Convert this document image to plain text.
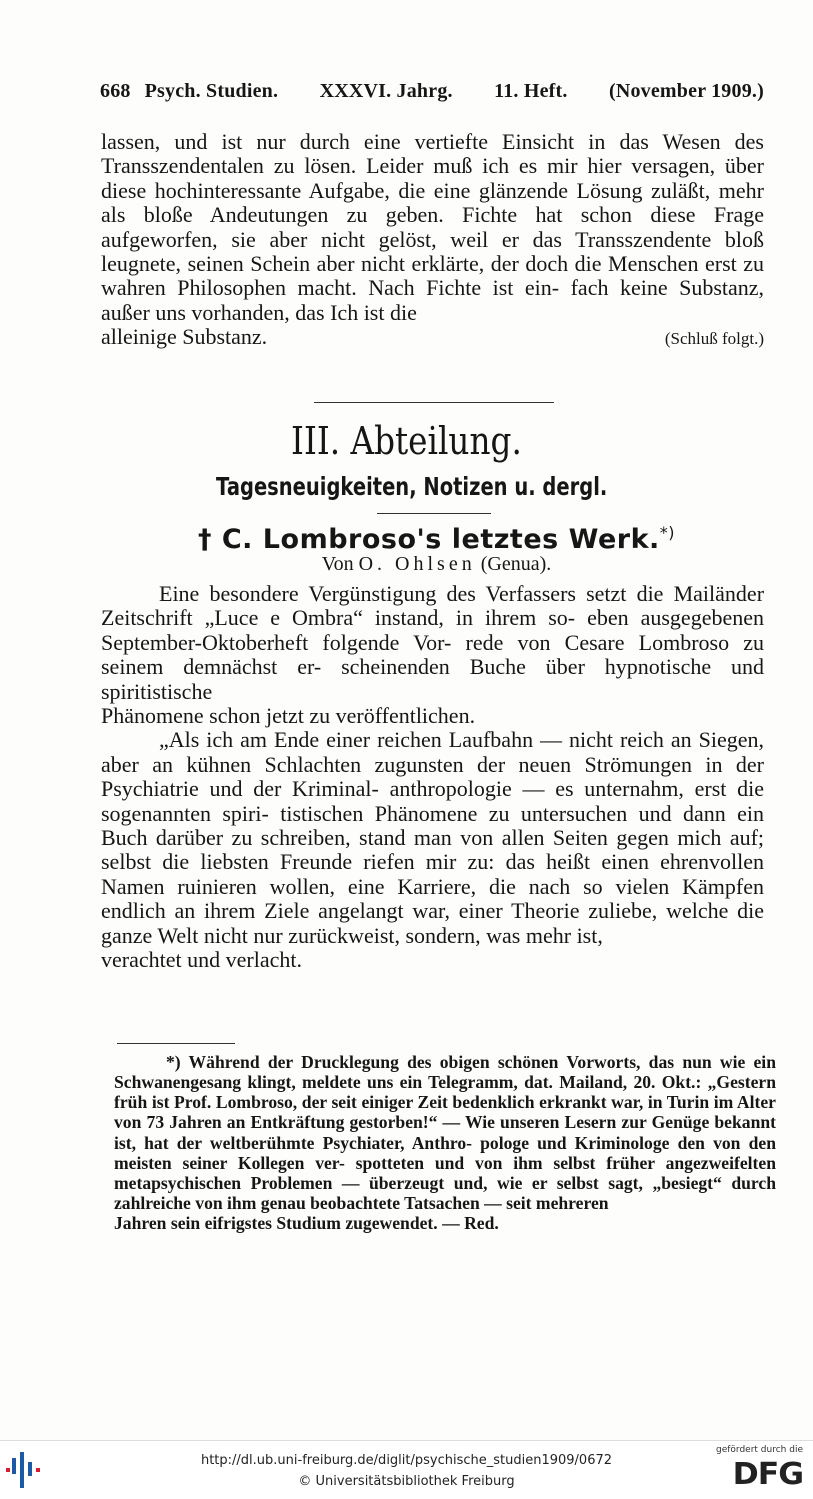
668 Psych. Studien. XXXVI. Jahrg. 11. Heft. (November 1909.)

lassen, und ist nur durch eine vertiefte Einsicht in das Wesen des Transszendentalen zu lösen. Leider muß ich es mir hier versagen, über diese hochinteressante Aufgabe, die eine glänzende Lösung zuläßt, mehr als bloße Andeutungen zu geben. Fichte hat schon diese Frage aufgeworfen, sie aber nicht gelöst, weil er das Transszendente bloß leugnete, seinen Schein aber nicht erklärte, der doch die Menschen erst zu wahren Philosophen macht. Nach Fichte ist ein- fach keine Substanz, außer uns vorhanden, das Ich ist die

alleinige Substanz.	(Schluß folgt.)

III. Abteilung.
Tagesneuigkeiten, Notizen u. dergl.
† C. Lombroso's letztes Werk.*)
Von O. Ohlsen (Genua).

Eine besondere Vergünstigung des Verfassers setzt die Mailänder Zeitschrift „Luce e Ombra“ instand, in ihrem so- eben ausgegebenen September-Oktoberheft folgende Vor- rede von Cesare Lombroso zu seinem demnächst er- scheinenden Buche über hypnotische und spiritistische

Phänomene schon jetzt zu veröffentlichen.

„Als ich am Ende einer reichen Laufbahn — nicht reich an Siegen, aber an kühnen Schlachten zugunsten der neuen Strömungen in der Psychiatrie und der Kriminal- anthropologie — es unternahm, erst die sogenannten spiri- tistischen Phänomene zu untersuchen und dann ein Buch darüber zu schreiben, stand man von allen Seiten gegen mich auf; selbst die liebsten Freunde riefen mir zu: das heißt einen ehrenvollen Namen ruinieren wollen, eine Karriere, die nach so vielen Kämpfen endlich an ihrem Ziele angelangt war, einer Theorie zuliebe, welche die ganze Welt nicht nur zurückweist, sondern, was mehr ist,

verachtet und verlacht.

*) Während der Drucklegung des obigen schönen Vorworts, das nun wie ein Schwanengesang klingt, meldete uns ein Telegramm, dat. Mailand, 20. Okt.: „Gestern früh ist Prof. Lombroso, der seit einiger Zeit bedenklich erkrankt war, in Turin im Alter von 73 Jahren an Entkräftung gestorben!“ — Wie unseren Lesern zur Genüge bekannt ist, hat der weltberühmte Psychiater, Anthro- pologe und Kriminologe den von den meisten seiner Kollegen ver- spotteten und von ihm selbst früher angezweifelten metapsychischen Problemen — überzeugt und, wie er selbst sagt, „besiegt“ durch zahlreiche von ihm genau beobachtete Tatsachen — seit mehreren

Jahren sein eifrigstes Studium zugewendet. — Red.

http://dl.ub.uni-freiburg.de/diglit/psychische_studien1909/0672
© Universitätsbibliothek Freiburg
gefördert durch die
DFG
